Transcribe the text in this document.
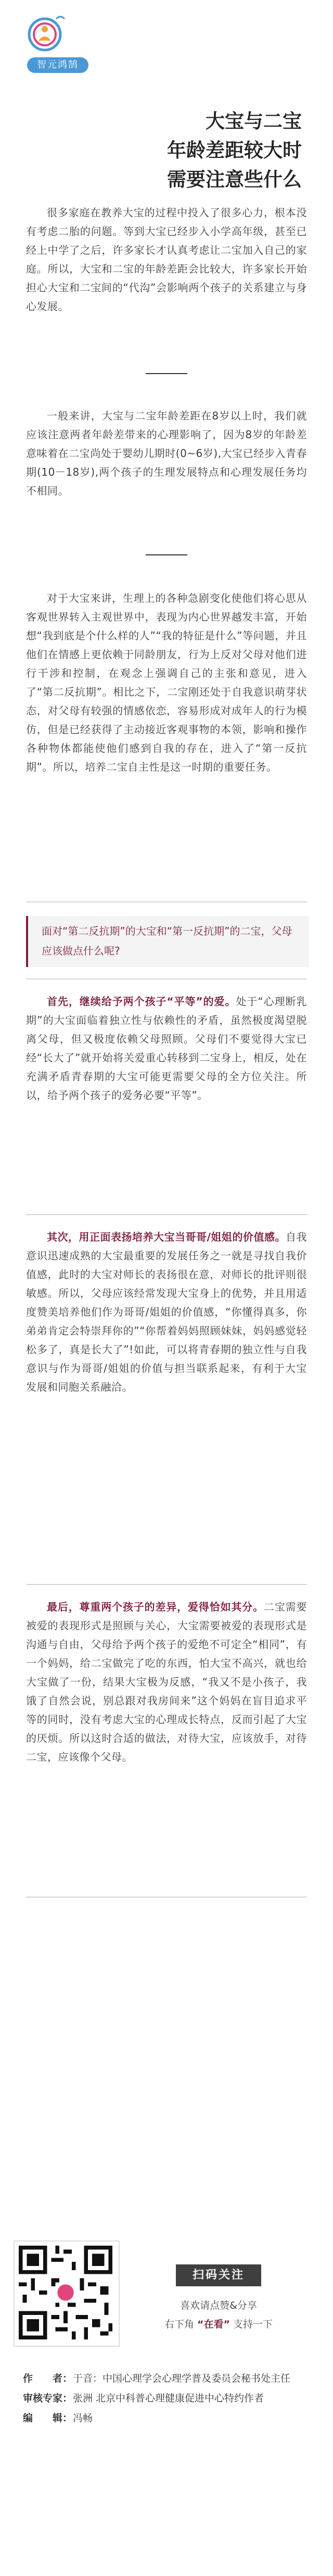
智元鸿鹄
大宝与二宝
年龄差距较大时
需要注意些什么

很多家庭在教养大宝的过程中投入了很多心力，根本没有考虑二胎的问题。等到大宝已经步入小学高年级，甚至已经上中学了之后，许多家长才认真考虑让二宝加入自己的家庭。所以，大宝和二宝的年龄差距会比较大，许多家长开始担心大宝和二宝间的“代沟”会影响两个孩子的关系建立与身心发展。

一般来讲，大宝与二宝年龄差距在8岁以上时，我们就应该注意两者年龄差带来的心理影响了，因为8岁的年龄差意味着在二宝尚处于婴幼儿期时(0~6岁),大宝已经步入青春期(10－18岁),两个孩子的生理发展特点和心理发展任务均不相同。

对于大宝来讲，生理上的各种急剧变化使他们将心思从客观世界转入主观世界中，表现为内心世界越发丰富，开始想“我到底是个什么样的人”“我的特征是什么”等问题，并且他们在情感上更依赖于同龄朋友，行为上反对父母对他们进行干涉和控制，在观念上强调自己的主张和意见，进入了“第二反抗期”。相比之下，二宝刚还处于自我意识萌芽状态，对父母有较强的情感依恋，容易形成对成年人的行为模仿，但是已经获得了主动接近客观事物的本领，影响和操作各种物体都能使他们感到自我的存在，进入了“第一反抗期”。所以，培养二宝自主性是这一时期的重要任务。

面对“第二反抗期”的大宝和“第一反抗期”的二宝，父母应该做点什么呢?

首先，继续给予两个孩子“平等”的爱。处于“心理断乳期”的大宝面临着独立性与依赖性的矛盾，虽然极度渴望脱离父母，但又极度依赖父母照顾。父母们不要觉得大宝已经“长大了”就开始将关爱重心转移到二宝身上，相反，处在充满矛盾青春期的大宝可能更需要父母的全方位关注。所以，给予两个孩子的爱务必要“平等”。

其次，用正面表扬培养大宝当哥哥/姐姐的价值感。自我意识迅速成熟的大宝最重要的发展任务之一就是寻找自我价值感，此时的大宝对师长的表扬很在意，对师长的批评则很敏感。所以，父母应该经常发现大宝身上的优势，并且用适度赞美培养他们作为哥哥/姐姐的价值感，“你懂得真多，你弟弟肯定会特崇拜你的”“你帮着妈妈照顾妹妹，妈妈感觉轻松多了，真是长大了”!如此，可以将青春期的独立性与自我意识与作为哥哥/姐姐的价值与担当联系起来，有利于大宝发展和同胞关系融洽。

最后，尊重两个孩子的差异，爱得恰如其分。二宝需要被爱的表现形式是照顾与关心，大宝需要被爱的表现形式是沟通与自由，父母给予两个孩子的爱绝不可定全“相同”，有一个妈妈，给二宝做完了吃的东西，怕大宝不高兴，就也给大宝做了一份，结果大宝极为反感，“我又不是小孩子，我饿了自然会说，别总跟对我房间来”这个妈妈在盲目追求平等的同时，没有考虑大宝的心理成长特点，反而引起了大宝的厌烦。所以这时合适的做法，对待大宝，应该放手，对待二宝，应该像个父母。

扫码关注
喜欢请点赞&分享
右下角 “在看” 支持一下
作　　者： 于音：中国心理学会心理学普及委员会秘书处主任
审核专家： 张洲 北京中科普心理健康促进中心特约作者
编　　辑： 冯畅
